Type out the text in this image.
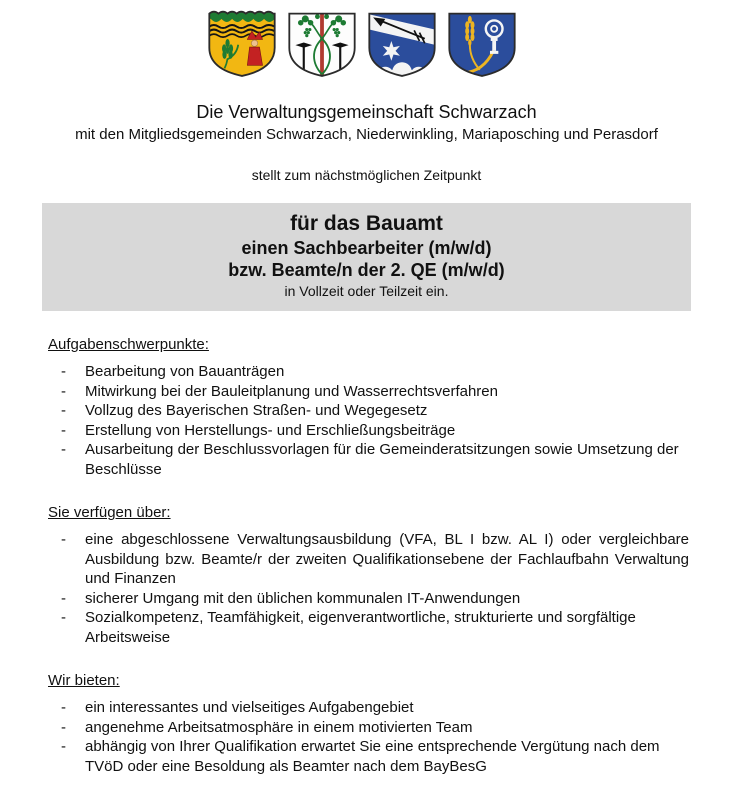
Die Verwaltungsgemeinschaft Schwarzach
mit den Mitgliedsgemeinden Schwarzach, Niederwinkling, Mariaposching und Perasdorf
stellt zum nächstmöglichen Zeitpunkt
für das Bauamt
einen Sachbearbeiter (m/w/d)
bzw. Beamte/n der 2. QE (m/w/d)
in Vollzeit oder Teilzeit ein.
Aufgabenschwerpunkte:
-	Bearbeitung von Bauanträgen
-	Mitwirkung bei der Bauleitplanung und Wasserrechtsverfahren
-	Vollzug des Bayerischen Straßen- und Wegegesetz
-	Erstellung von Herstellungs- und Erschließungsbeiträge
-	Ausarbeitung der Beschlussvorlagen für die Gemeinderatsitzungen sowie Umsetzung der Beschlüsse
Sie verfügen über:
-	eine abgeschlossene Verwaltungsausbildung (VFA, BL I bzw. AL I) oder vergleichbare Ausbildung bzw. Beamte/r der zweiten Qualifikationsebene der Fachlaufbahn Verwaltung und Finanzen
-	sicherer Umgang mit den üblichen kommunalen IT-Anwendungen
-	Sozialkompetenz, Teamfähigkeit, eigenverantwortliche, strukturierte und sorgfältige Arbeitsweise
Wir bieten:
-	ein interessantes und vielseitiges Aufgabengebiet
-	angenehme Arbeitsatmosphäre in einem motivierten Team
-	abhängig von Ihrer Qualifikation erwartet Sie eine entsprechende Vergütung nach dem TVöD oder eine Besoldung als Beamter nach dem BayBesG
